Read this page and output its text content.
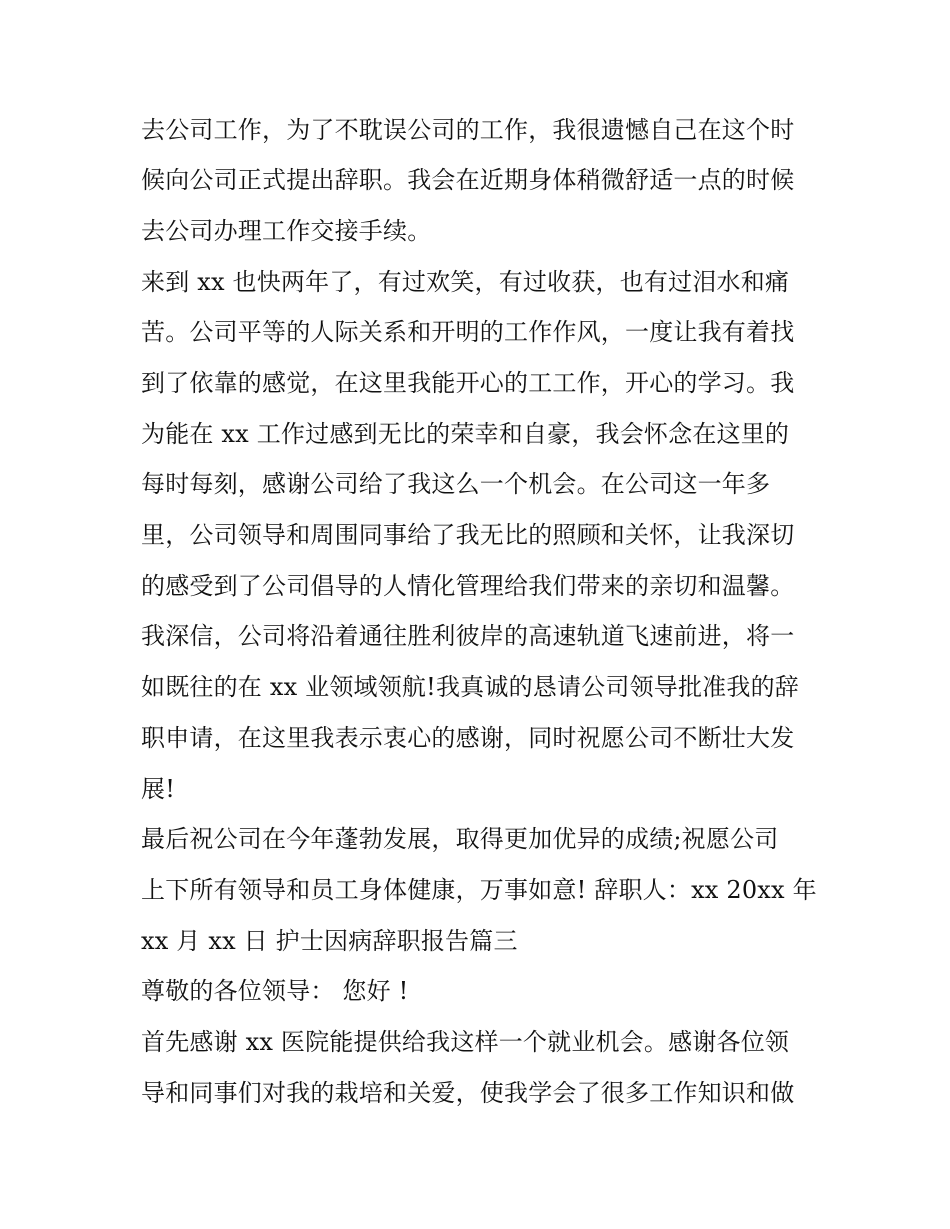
去公司工作，为了不耽误公司的工作，我很遗憾自己在这个时
候向公司正式提出辞职。我会在近期身体稍微舒适一点的时候
去公司办理工作交接手续。
来到 xx 也快两年了，有过欢笑，有过收获，也有过泪水和痛
苦。公司平等的人际关系和开明的工作作风，一度让我有着找
到了依靠的感觉，在这里我能开心的工工作，开心的学习。我
为能在 xx 工作过感到无比的荣幸和自豪，我会怀念在这里的
每时每刻，感谢公司给了我这么一个机会。在公司这一年多
里，公司领导和周围同事给了我无比的照顾和关怀，让我深切
的感受到了公司倡导的人情化管理给我们带来的亲切和温馨。
我深信，公司将沿着通往胜利彼岸的高速轨道飞速前进，将一
如既往的在 xx 业领域领航!我真诚的恳请公司领导批准我的辞
职申请，在这里我表示衷心的感谢，同时祝愿公司不断壮大发
展!
最后祝公司在今年蓬勃发展，取得更加优异的成绩;祝愿公司
上下所有领导和员工身体健康，万事如意! 辞职人：xx 20xx 年
xx 月 xx 日 护士因病辞职报告篇三
尊敬的各位领导： 您好 !
首先感谢 xx 医院能提供给我这样一个就业机会。感谢各位领
导和同事们对我的栽培和关爱，使我学会了很多工作知识和做
